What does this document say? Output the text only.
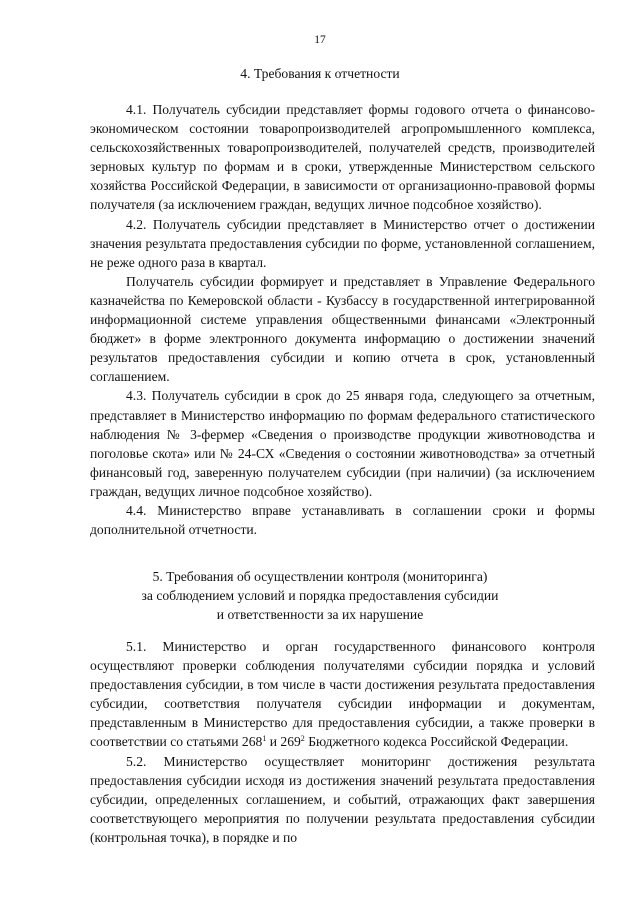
17
4. Требования к отчетности

4.1. Получатель субсидии представляет формы годового отчета о финансово-экономическом состоянии товаропроизводителей агропромышленного комплекса, сельскохозяйственных товаропроизводителей, получателей средств, производителей зерновых культур по формам и в сроки, утвержденные Министерством сельского хозяйства Российской Федерации, в зависимости от организационно-правовой формы получателя (за исключением граждан, ведущих личное подсобное хозяйство).

4.2. Получатель субсидии представляет в Министерство отчет о достижении значения результата предоставления субсидии по форме, установленной соглашением, не реже одного раза в квартал.

Получатель субсидии формирует и представляет в Управление Федерального казначейства по Кемеровской области - Кузбассу в государственной интегрированной информационной системе управления общественными финансами «Электронный бюджет» в форме электронного документа информацию о достижении значений результатов предоставления субсидии и копию отчета в срок, установленный соглашением.

4.3. Получатель субсидии в срок до 25 января года, следующего за отчетным, представляет в Министерство информацию по формам федерального статистического наблюдения № 3-фермер «Сведения о производстве продукции животноводства и поголовье скота» или № 24-СХ «Сведения о состоянии животноводства» за отчетный финансовый год, заверенную получателем субсидии (при наличии) (за исключением граждан, ведущих личное подсобное хозяйство).

4.4. Министерство вправе устанавливать в соглашении сроки и формы дополнительной отчетности.

5. Требования об осуществлении контроля (мониторинга)
за соблюдением условий и порядка предоставления субсидии
и ответственности за их нарушение

5.1. Министерство и орган государственного финансового контроля осуществляют проверки соблюдения получателями субсидии порядка и условий предоставления субсидии, в том числе в части достижения результата предоставления субсидии, соответствия получателя субсидии информации и документам, представленным в Министерство для предоставления субсидии, а также проверки в соответствии со статьями $268^1$ и $269^2$ Бюджетного кодекса Российской Федерации.

5.2. Министерство осуществляет мониторинг достижения результата предоставления субсидии исходя из достижения значений результата предоставления субсидии, определенных соглашением, и событий, отражающих факт завершения соответствующего мероприятия по получении результата предоставления субсидии (контрольная точка), в порядке и по
